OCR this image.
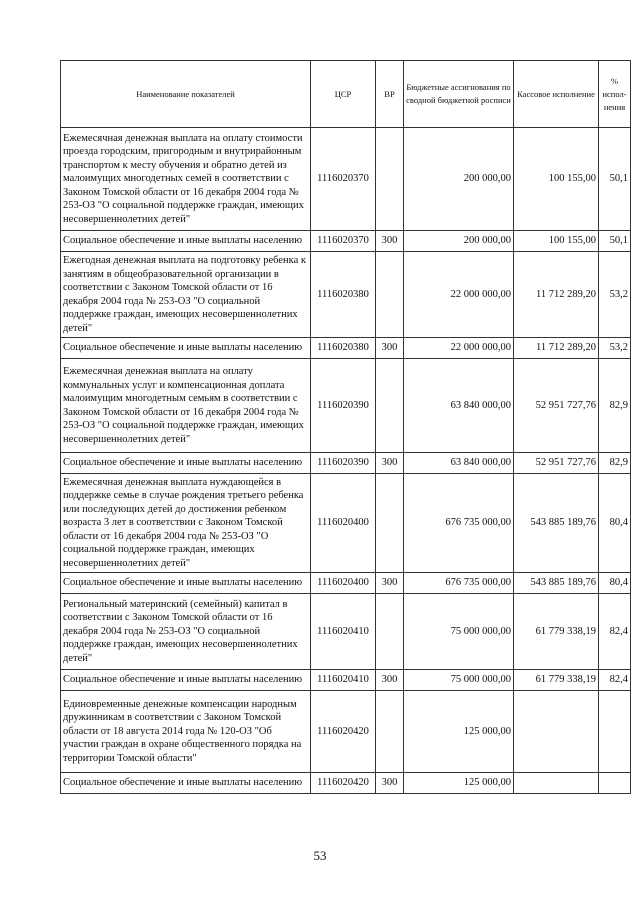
Наименование показателей	ЦСР	ВР	Бюджетные ассигнования по сводной бюджетной росписи	Кассовое исполнение	% испол-нения
Ежемесячная денежная выплата на оплату стоимости проезда городским, пригородным и внутрирайонным транспортом к месту обучения и обратно детей из малоимущих многодетных семей в соответствии с Законом Томской области от 16 декабря 2004 года № 253-ОЗ "О социальной поддержке граждан, имеющих несовершеннолетних детей"	1116020370		200 000,00	100 155,00	50,1
Социальное обеспечение и иные выплаты населению	1116020370	300	200 000,00	100 155,00	50,1
Ежегодная денежная выплата на подготовку ребенка к занятиям в общеобразовательной организации в соответствии с Законом Томской области от 16 декабря 2004 года № 253-ОЗ "О социальной поддержке граждан, имеющих несовершеннолетних детей"	1116020380		22 000 000,00	11 712 289,20	53,2
Социальное обеспечение и иные выплаты населению	1116020380	300	22 000 000,00	11 712 289,20	53,2
Ежемесячная денежная выплата на оплату коммунальных услуг и компенсационная доплата малоимущим многодетным семьям в соответствии с Законом Томской области от 16 декабря 2004 года № 253-ОЗ "О социальной поддержке граждан, имеющих несовершеннолетних детей"	1116020390		63 840 000,00	52 951 727,76	82,9
Социальное обеспечение и иные выплаты населению	1116020390	300	63 840 000,00	52 951 727,76	82,9
Ежемесячная денежная выплата нуждающейся в поддержке семье в случае рождения третьего ребенка или последующих детей до достижения ребенком возраста 3 лет в соответствии с Законом Томской области от 16 декабря 2004 года № 253-ОЗ "О социальной поддержке граждан, имеющих несовершеннолетних детей"	1116020400		676 735 000,00	543 885 189,76	80,4
Социальное обеспечение и иные выплаты населению	1116020400	300	676 735 000,00	543 885 189,76	80,4
Региональный материнский (семейный) капитал в соответствии с Законом Томской области от 16 декабря 2004 года № 253-ОЗ "О социальной поддержке граждан, имеющих несовершеннолетних детей"	1116020410		75 000 000,00	61 779 338,19	82,4
Социальное обеспечение и иные выплаты населению	1116020410	300	75 000 000,00	61 779 338,19	82,4
Единовременные денежные компенсации народным дружинникам в соответствии с Законом Томской области от 18 августа 2014 года № 120-ОЗ "Об участии граждан в охране общественного порядка на территории Томской области"	1116020420		125 000,00		
Социальное обеспечение и иные выплаты населению	1116020420	300	125 000,00		
53
